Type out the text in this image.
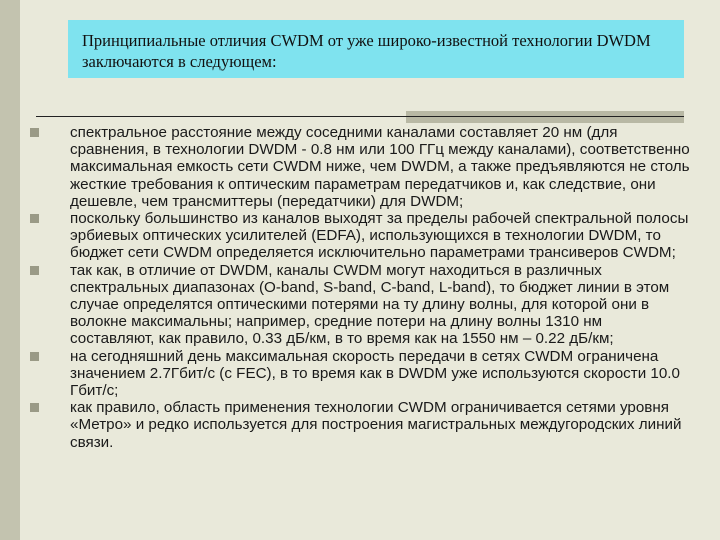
Принципиальные отличия CWDM от уже широко-известной технологии DWDM заключаются в следующем:
спектральное расстояние между соседними каналами составляет 20 нм (для сравнения, в технологии DWDM - 0.8 нм или 100 ГГц между каналами), соответственно максимальная емкость сети CWDM ниже, чем DWDM, а также предъявляются не столь жесткие требования к оптическим параметрам передатчиков и, как следствие, они дешевле, чем трансмиттеры (передатчики) для DWDM;
поскольку большинство из каналов выходят за пределы рабочей спектральной полосы эрбиевых оптических усилителей (EDFA), использующихся в технологии DWDM, то бюджет сети CWDM определяется исключительно параметрами трансиверов CWDM;
так как, в отличие от DWDM, каналы CWDM могут находиться в различных спектральных диапазонах (O-band, S-band, C-band, L-band), то бюджет линии в этом случае определятся оптическими потерями на ту длину волны, для которой они в волокне максимальны; например, средние потери на длину волны 1310 нм составляют, как правило, 0.33 дБ/км, в то время как на 1550 нм – 0.22 дБ/км;
на сегодняшний день максимальная скорость передачи в сетях CWDM ограничена значением 2.7Гбит/с (с FEC), в то время как в DWDM уже используются скорости 10.0 Гбит/с;
как правило, область применения технологии CWDM ограничивается сетями уровня «Метро» и редко используется для построения магистральных междугородских линий связи.
